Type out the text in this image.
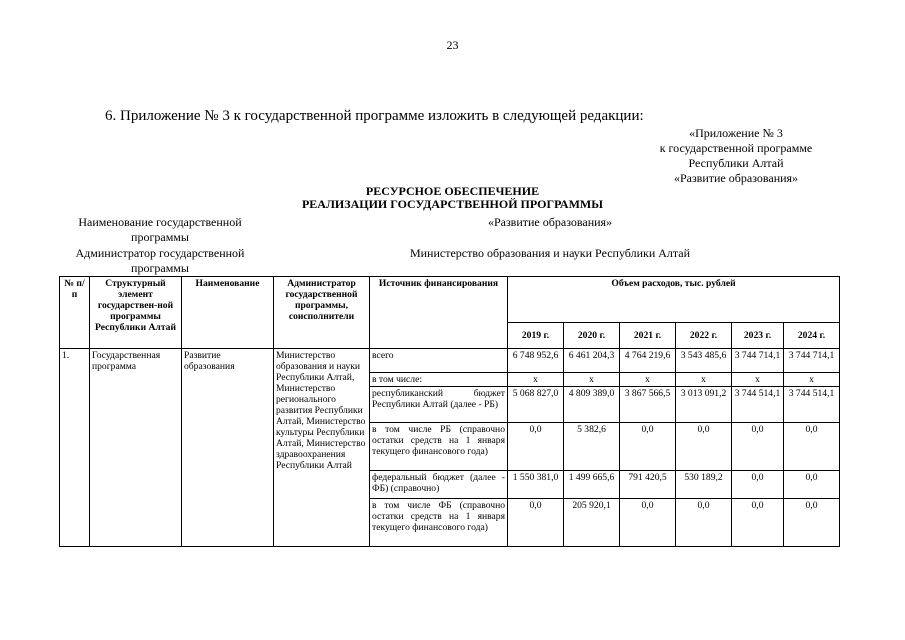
23
6. Приложение № 3 к государственной программе изложить в следующей редакции:
«Приложение № 3
к государственной программе
Республики Алтай
«Развитие образования»
РЕСУРСНОЕ ОБЕСПЕЧЕНИЕ
РЕАЛИЗАЦИИ ГОСУДАРСТВЕННОЙ ПРОГРАММЫ
Наименование государственной
программы
«Развитие образования»
Администратор государственной
программы
Министерство образования и науки Республики Алтай
№ п/п	Структурный элемент государствен-ной программы Республики Алтай	Наименование	Администратор государственной программы, соисполнители	Источник финансирования	Объем расходов, тыс. рублей					
					2019 г.	2020 г.	2021 г.	2022 г.	2023 г.	2024 г.
1.	Государственная программа	Развитие образования	Министерство образования и науки Республики Алтай, Министерство регионального развития Республики Алтай, Министерство культуры Республики Алтай, Министерство здравоохранения Республики Алтай	всего	6 748 952,6	6 461 204,3	4 764 219,6	3 543 485,6	3 744 714,1	3 744 714,1
				в том числе:	x	x	x	x	x	x
				республиканский бюджет Республики Алтай (далее - РБ)	5 068 827,0	4 809 389,0	3 867 566,5	3 013 091,2	3 744 514,1	3 744 514,1
				в том числе РБ (справочно остатки средств на 1 января текущего финансового года)	0,0	5 382,6	0,0	0,0	0,0	0,0
				федеральный бюджет (далее - ФБ) (справочно)	1 550 381,0	1 499 665,6	791 420,5	530 189,2	0,0	0,0
				в том числе ФБ (справочно остатки средств на 1 января текущего финансового года)	0,0	205 920,1	0,0	0,0	0,0	0,0
